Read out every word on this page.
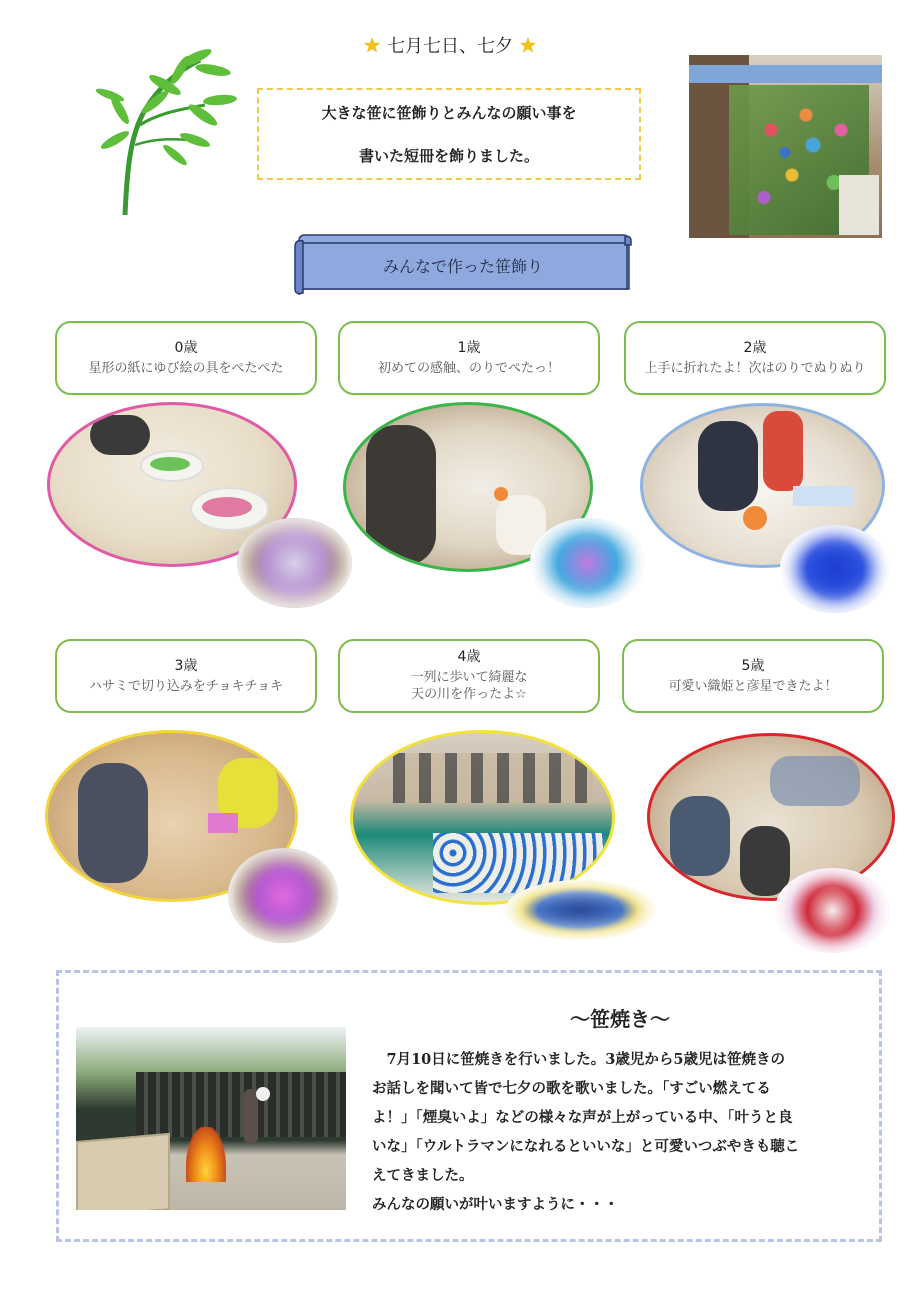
★ 七月七日、七夕 ★
大きな笹に笹飾りとみんなの願い事を
書いた短冊を飾りました。
みんなで作った笹飾り
0歳
星形の紙にゆび絵の具をぺたぺた
1歳
初めての感触、のりでぺたっ！
2歳
上手に折れたよ！次はのりでぬりぬり
3歳
ハサミで切り込みをチョキチョキ
4歳
一列に歩いて綺麗な
天の川を作ったよ☆
5歳
可愛い織姫と彦星できたよ！
～笹焼き～

　7月10日に笹焼きを行いました。3歳児から5歳児は笹焼きの

お話しを聞いて皆で七夕の歌を歌いました。「すごい燃えてる

よ！」「煙臭いよ」などの様々な声が上がっている中、「叶うと良

いな」「ウルトラマンになれるといいな」と可愛いつぶやきも聴こ

えてきました。

みんなの願いが叶いますように・・・
